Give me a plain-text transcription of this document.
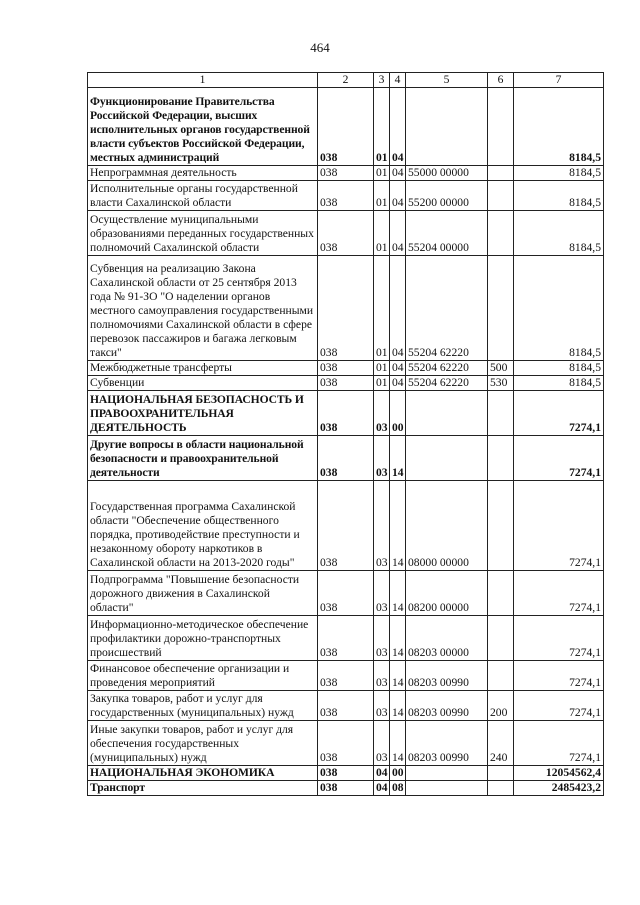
464
1	2	3	4	5	6	7
Функционирование Правительства Российской Федерации, высших исполнительных органов государственной власти субъектов Российской Федерации, местных администраций	038	01	04			8184,5
Непрограммная деятельность	038	01	04	55000 00000		8184,5
Исполнительные органы государственной власти Сахалинской области	038	01	04	55200 00000		8184,5
Осуществление муниципальными образованиями переданных государственных полномочий Сахалинской области	038	01	04	55204 00000		8184,5
Субвенция на реализацию Закона Сахалинской области от 25 сентября 2013 года № 91-ЗО "О наделении органов местного самоуправления государственными полномочиями Сахалинской области в сфере перевозок пассажиров и багажа легковым такси"	038	01	04	55204 62220		8184,5
Межбюджетные трансферты	038	01	04	55204 62220	500	8184,5
Субвенции	038	01	04	55204 62220	530	8184,5
НАЦИОНАЛЬНАЯ БЕЗОПАСНОСТЬ И ПРАВООХРАНИТЕЛЬНАЯ ДЕЯТЕЛЬНОСТЬ	038	03	00			7274,1
Другие вопросы в области национальной безопасности и правоохранительной деятельности	038	03	14			7274,1
Государственная программа Сахалинской области "Обеспечение общественного порядка, противодействие преступности и незаконному обороту наркотиков в Сахалинской области на 2013-2020 годы"	038	03	14	08000 00000		7274,1
Подпрограмма "Повышение безопасности дорожного движения в Сахалинской области"	038	03	14	08200 00000		7274,1
Информационно-методическое обеспечение профилактики дорожно-транспортных происшествий	038	03	14	08203 00000		7274,1
Финансовое обеспечение организации и проведения мероприятий	038	03	14	08203 00990		7274,1
Закупка товаров, работ и услуг для государственных (муниципальных) нужд	038	03	14	08203 00990	200	7274,1
Иные закупки товаров, работ и услуг для обеспечения государственных (муниципальных) нужд	038	03	14	08203 00990	240	7274,1
НАЦИОНАЛЬНАЯ ЭКОНОМИКА	038	04	00			12054562,4
Транспорт	038	04	08			2485423,2
